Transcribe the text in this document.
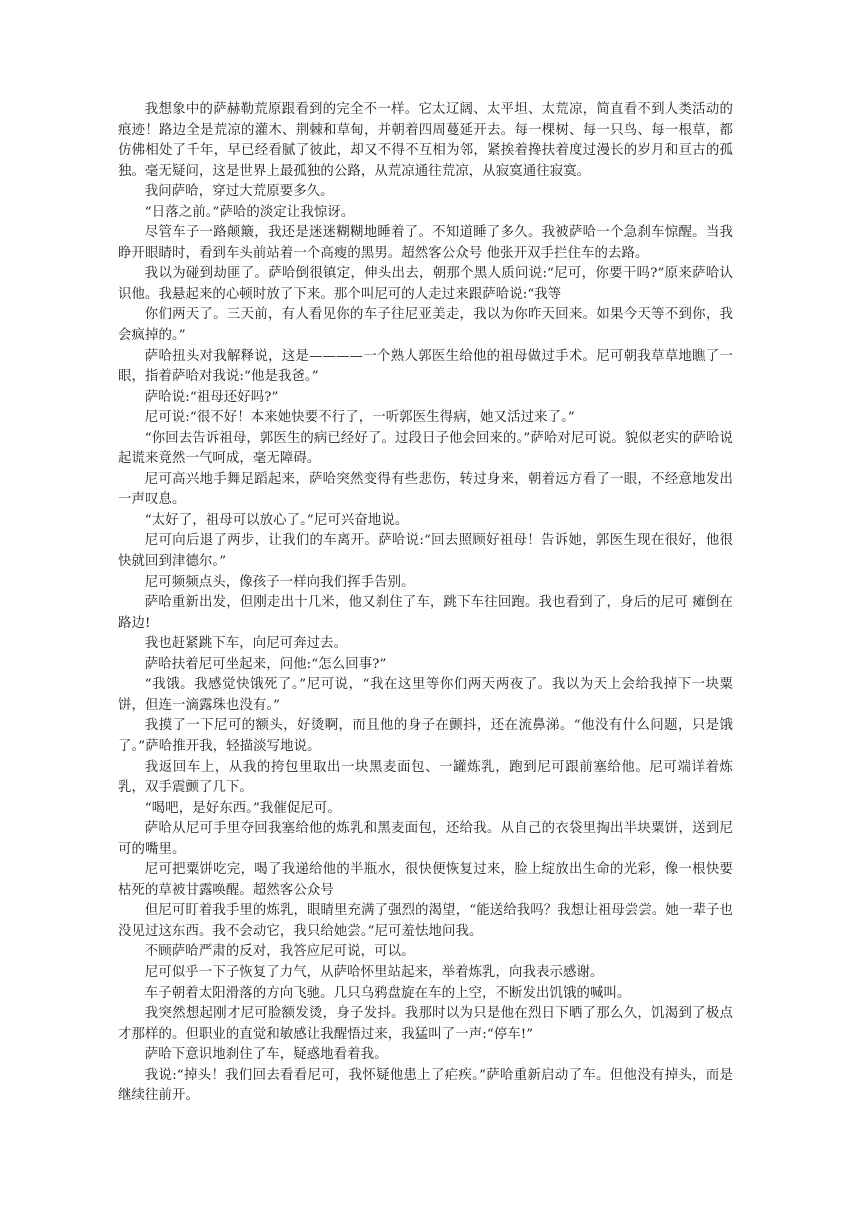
我想象中的萨赫勒荒原跟看到的完全不一样。它太辽阔、太平坦、太荒凉，简直看不到人类活动的痕迹！路边全是荒凉的灌木、荆棘和草甸，并朝着四周蔓延开去。每一棵树、每一只鸟、每一根草，都仿佛相处了千年，早已经看腻了彼此，却又不得不互相为邻，紧挨着搀扶着度过漫长的岁月和亘古的孤独。毫无疑问，这是世界上最孤独的公路，从荒凉通往荒凉，从寂寞通往寂寞。

我问萨哈，穿过大荒原要多久。

“日落之前。”萨哈的淡定让我惊讶。

尽管车子一路颠簸，我还是迷迷糊糊地睡着了。不知道睡了多久。我被萨哈一个急刹车惊醒。当我睁开眼睛时，看到车头前站着一个高瘦的黑男。超然客公众号 他张开双手拦住车的去路。

我以为碰到劫匪了。萨哈倒很镇定，伸头出去，朝那个黑人质问说:“尼可，你要干吗?”原来萨哈认识他。我悬起来的心顿时放了下来。那个叫尼可的人走过来跟萨哈说:“我等

你们两天了。三天前，有人看见你的车子往尼亚美走，我以为你昨天回来。如果今天等不到你，我会疯掉的。”

萨哈扭头对我解释说，这是————一个熟人郭医生给他的祖母做过手术。尼可朝我草草地瞧了一眼，指着萨哈对我说:“他是我爸。”

萨哈说:“祖母还好吗?”

尼可说:“很不好！本来她快要不行了，一听郭医生得病，她又活过来了。”

“你回去告诉祖母，郭医生的病已经好了。过段日子他会回来的。”萨哈对尼可说。貌似老实的萨哈说起谎来竟然一气呵成，毫无障碍。

尼可高兴地手舞足蹈起来，萨哈突然变得有些悲伤，转过身来，朝着远方看了一眼，不经意地发出一声叹息。

“太好了，祖母可以放心了。”尼可兴奋地说。

尼可向后退了两步，让我们的车离开。萨哈说:“回去照顾好祖母！告诉她，郭医生现在很好，他很快就回到津德尔。”

尼可频频点头，像孩子一样向我们挥手告别。

萨哈重新出发，但刚走出十几米，他又刹住了车，跳下车往回跑。我也看到了，身后的尼可 瘫倒在路边!

我也赶紧跳下车，向尼可奔过去。

萨哈扶着尼可坐起来，问他:“怎么回事?”

“我饿。我感觉快饿死了。”尼可说，“我在这里等你们两天两夜了。我以为天上会给我掉下一块粟饼，但连一滴露珠也没有。”

我摸了一下尼可的额头，好烫啊，而且他的身子在颤抖，还在流鼻涕。“他没有什么问题，只是饿了。”萨哈推开我，轻描淡写地说。

我返回车上，从我的挎包里取出一块黑麦面包、一罐炼乳，跑到尼可跟前塞给他。尼可端详着炼乳，双手震颤了几下。

“喝吧，是好东西。”我催促尼可。

萨哈从尼可手里夺回我塞给他的炼乳和黑麦面包，还给我。从自己的衣袋里掏出半块粟饼，送到尼可的嘴里。

尼可把粟饼吃完，喝了我递给他的半瓶水，很快便恢复过来，脸上绽放出生命的光彩，像一根快要枯死的草被甘露唤醒。超然客公众号

但尼可盯着我手里的炼乳，眼睛里充满了强烈的渴望，“能送给我吗？我想让祖母尝尝。她一辈子也没见过这东西。我不会动它，我只给她尝。”尼可羞怯地问我。

不顾萨哈严肃的反对，我答应尼可说，可以。

尼可似乎一下子恢复了力气，从萨哈怀里站起来，举着炼乳，向我表示感谢。

车子朝着太阳滑落的方向飞驰。几只乌鸦盘旋在车的上空，不断发出饥饿的喊叫。

我突然想起刚才尼可脸额发烫，身子发抖。我那时以为只是他在烈日下晒了那么久，饥渴到了极点才那样的。但职业的直觉和敏感让我醒悟过来，我猛叫了一声:“停车!”

萨哈下意识地刹住了车，疑惑地看着我。

我说:“掉头！我们回去看看尼可，我怀疑他患上了疟疾。”萨哈重新启动了车。但他没有掉头，而是继续往前开。
